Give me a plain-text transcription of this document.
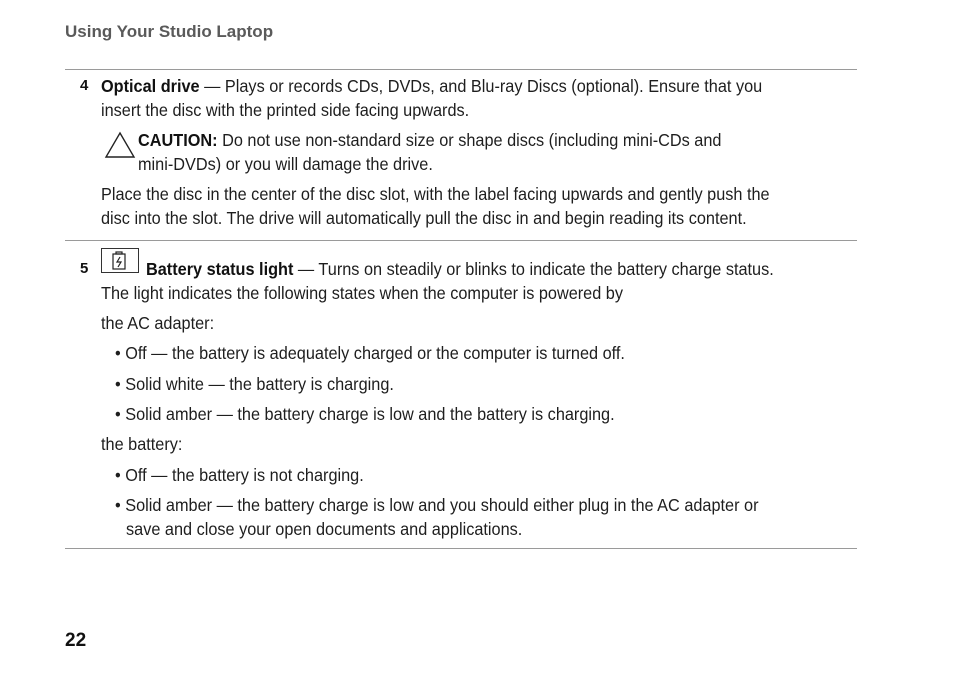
Using Your Studio Laptop
4 Optical drive — Plays or records CDs, DVDs, and Blu-ray Discs (optional). Ensure that you
insert the disc with the printed side facing upwards.
CAUTION: Do not use non-standard size or shape discs (including mini-CDs and
mini-DVDs) or you will damage the drive.
Place the disc in the center of the disc slot, with the label facing upwards and gently push the
disc into the slot. The drive will automatically pull the disc in and begin reading its content.
5	Battery status light — Turns on steadily or blinks to indicate the battery charge status.
The light indicates the following states when the computer is powered by
the AC adapter:
• Off — the battery is adequately charged or the computer is turned off.
• Solid white — the battery is charging.
• Solid amber — the battery charge is low and the battery is charging.
the battery:
• Off — the battery is not charging.
• Solid amber — the battery charge is low and you should either plug in the AC adapter or
save and close your open documents and applications.
22
